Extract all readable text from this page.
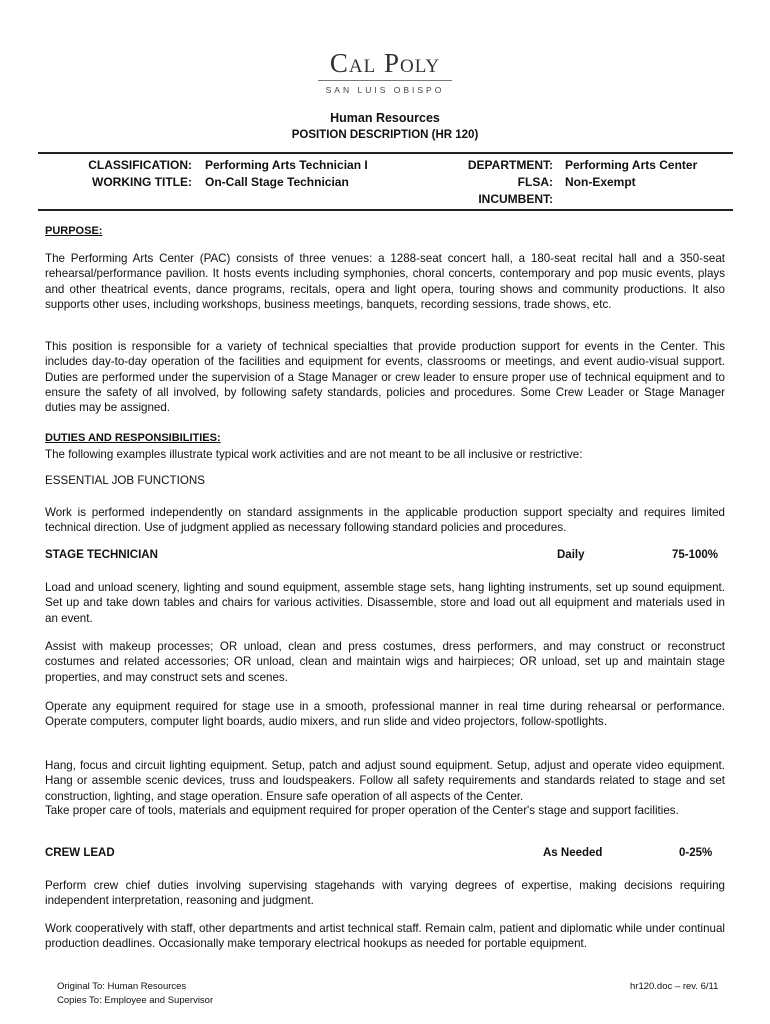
Cal Poly
SAN LUIS OBISPO
Human Resources
POSITION DESCRIPTION (HR 120)
CLASSIFICATION: Performing Arts Technician I
WORKING TITLE: On-Call Stage Technician
DEPARTMENT: Performing Arts Center
FLSA: Non-Exempt
INCUMBENT:
PURPOSE:
The Performing Arts Center (PAC) consists of three venues: a 1288-seat concert hall, a 180-seat recital hall and a 350-seat rehearsal/performance pavilion. It hosts events including symphonies, choral concerts, contemporary and pop music events, plays and other theatrical events, dance programs, recitals, opera and light opera, touring shows and community productions. It also supports other uses, including workshops, business meetings, banquets, recording sessions, trade shows, etc.
This position is responsible for a variety of technical specialties that provide production support for events in the Center. This includes day-to-day operation of the facilities and equipment for events, classrooms or meetings, and event audio-visual support. Duties are performed under the supervision of a Stage Manager or crew leader to ensure proper use of technical equipment and to ensure the safety of all involved, by following safety standards, policies and procedures. Some Crew Leader or Stage Manager duties may be assigned.
DUTIES AND RESPONSIBILITIES:
The following examples illustrate typical work activities and are not meant to be all inclusive or restrictive:
ESSENTIAL JOB FUNCTIONS
Work is performed independently on standard assignments in the applicable production support specialty and requires limited technical direction. Use of judgment applied as necessary following standard policies and procedures.
STAGE TECHNICIAN	Daily	75-100%
Load and unload scenery, lighting and sound equipment, assemble stage sets, hang lighting instruments, set up sound equipment. Set up and take down tables and chairs for various activities. Disassemble, store and load out all equipment and materials used in an event.
Assist with makeup processes; OR unload, clean and press costumes, dress performers, and may construct or reconstruct costumes and related accessories; OR unload, clean and maintain wigs and hairpieces; OR unload, set up and maintain stage properties, and may construct sets and scenes.
Operate any equipment required for stage use in a smooth, professional manner in real time during rehearsal or performance. Operate computers, computer light boards, audio mixers, and run slide and video projectors, follow-spotlights.
Hang, focus and circuit lighting equipment. Setup, patch and adjust sound equipment. Setup, adjust and operate video equipment. Hang or assemble scenic devices, truss and loudspeakers. Follow all safety requirements and standards related to stage and set construction, lighting, and stage operation. Ensure safe operation of all aspects of the Center.
Take proper care of tools, materials and equipment required for proper operation of the Center's stage and support facilities.
CREW LEAD	As Needed	0-25%
Perform crew chief duties involving supervising stagehands with varying degrees of expertise, making decisions requiring independent interpretation, reasoning and judgment.
Work cooperatively with staff, other departments and artist technical staff. Remain calm, patient and diplomatic while under continual production deadlines. Occasionally make temporary electrical hookups as needed for portable equipment.
Original To: Human Resources
Copies To: Employee and Supervisor
hr120.doc – rev. 6/11
